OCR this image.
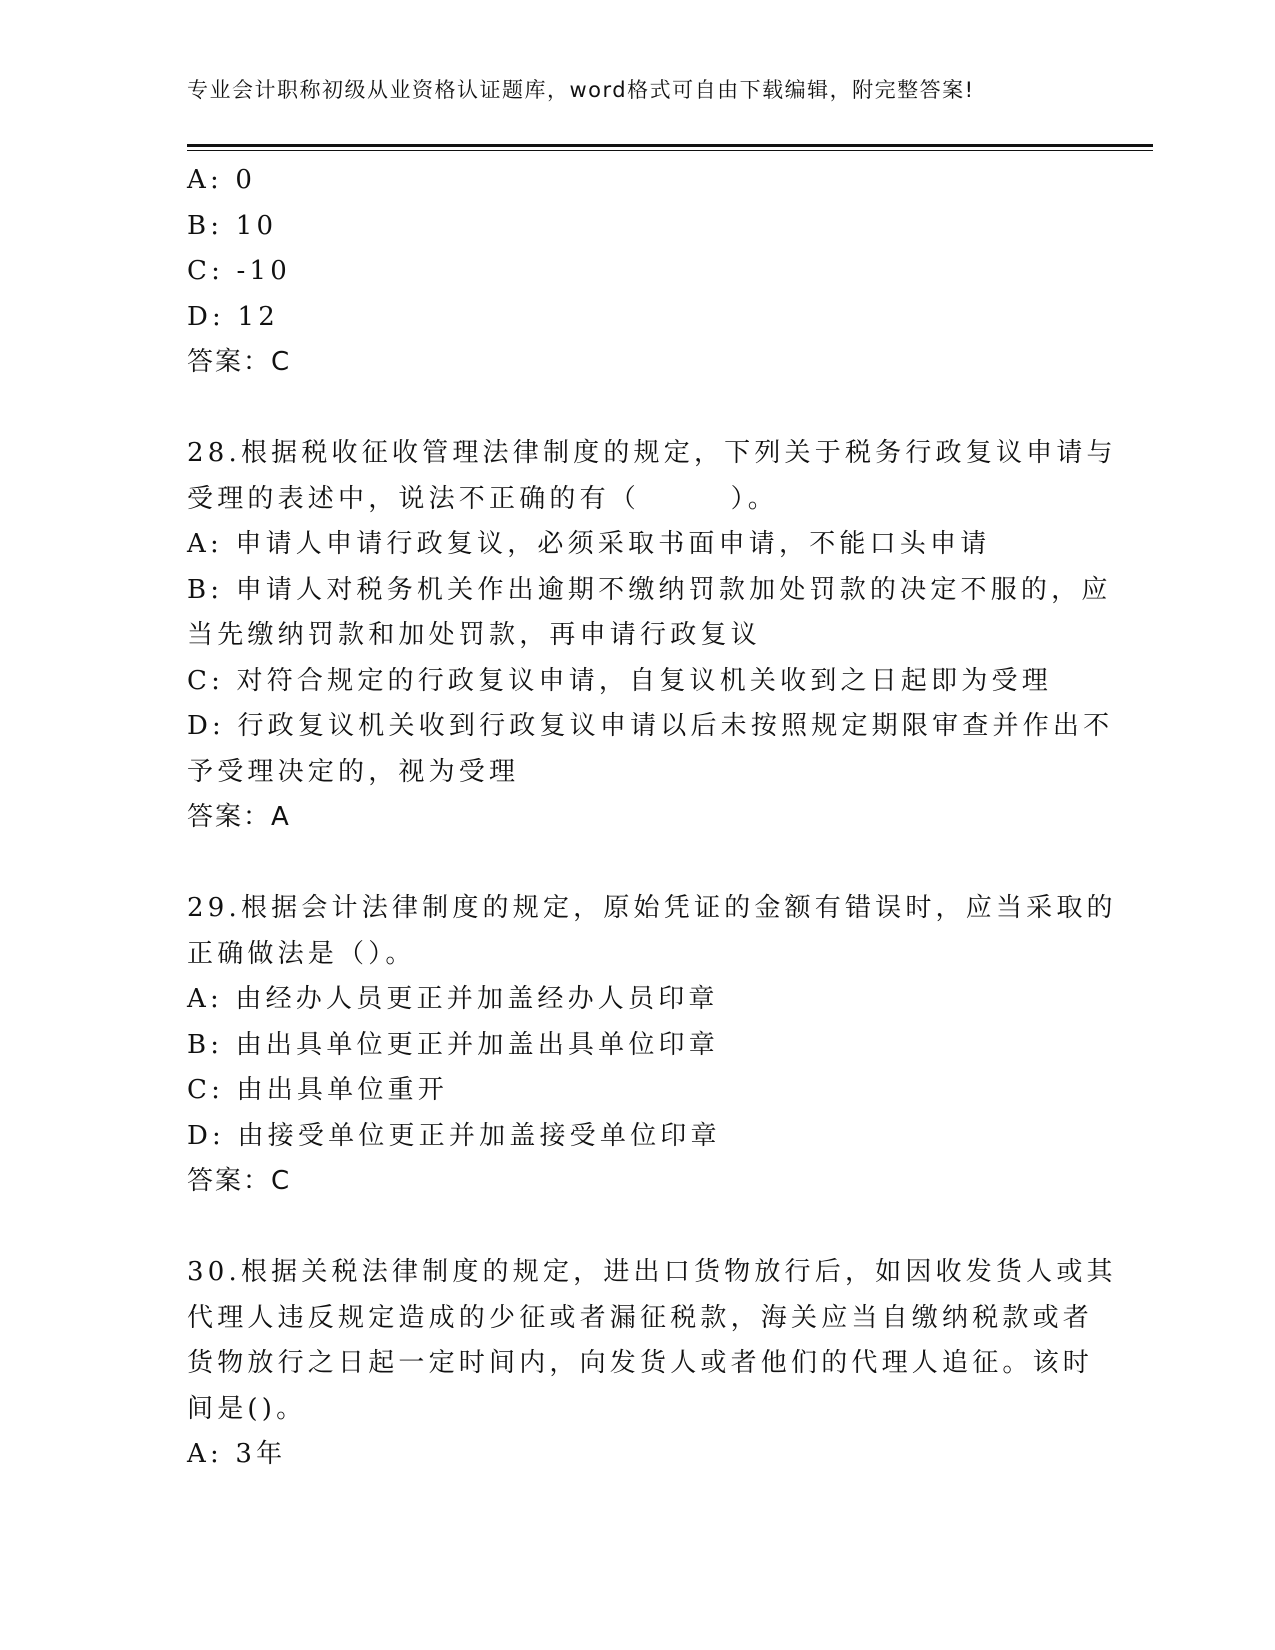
专业会计职称初级从业资格认证题库，word格式可自由下载编辑，附完整答案!
A: 0
B: 10
C: -10
D: 12
答案：C
28.根据税收征收管理法律制度的规定，下列关于税务行政复议申请与
受理的表述中，说法不正确的有（　　　）。
A: 申请人申请行政复议，必须采取书面申请，不能口头申请
B: 申请人对税务机关作出逾期不缴纳罚款加处罚款的决定不服的，应
当先缴纳罚款和加处罚款，再申请行政复议
C: 对符合规定的行政复议申请，自复议机关收到之日起即为受理
D: 行政复议机关收到行政复议申请以后未按照规定期限审查并作出不
予受理决定的，视为受理
答案：A
29.根据会计法律制度的规定，原始凭证的金额有错误时，应当采取的
正确做法是（）。
A: 由经办人员更正并加盖经办人员印章
B: 由出具单位更正并加盖出具单位印章
C: 由出具单位重开
D: 由接受单位更正并加盖接受单位印章
答案：C
30.根据关税法律制度的规定，进出口货物放行后，如因收发货人或其
代理人违反规定造成的少征或者漏征税款，海关应当自缴纳税款或者
货物放行之日起一定时间内，向发货人或者他们的代理人追征。该时
间是()。
A: 3年
